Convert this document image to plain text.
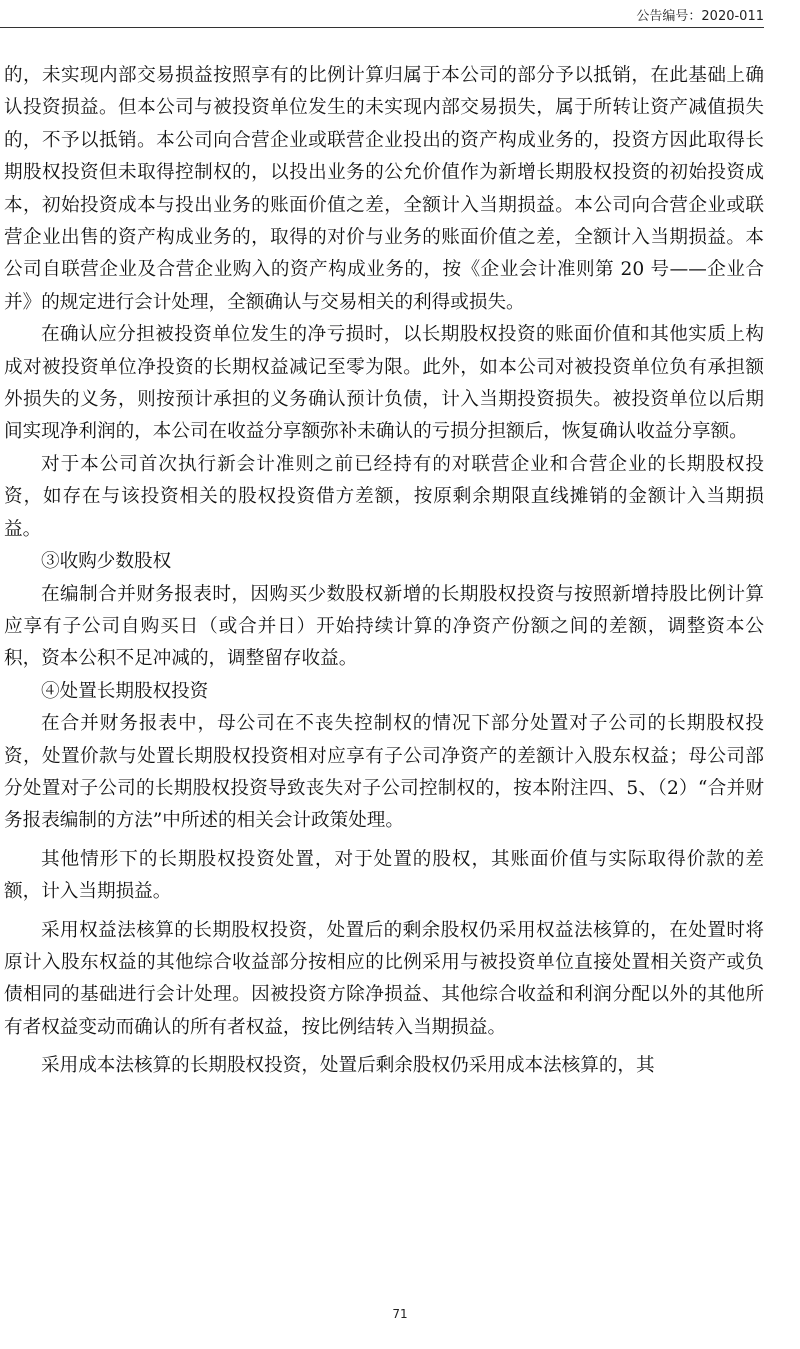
公告编号：2020-011

的，未实现内部交易损益按照享有的比例计算归属于本公司的部分予以抵销，在此基础上确认投资损益。但本公司与被投资单位发生的未实现内部交易损失，属于所转让资产减值损失的，不予以抵销。本公司向合营企业或联营企业投出的资产构成业务的，投资方因此取得长期股权投资但未取得控制权的，以投出业务的公允价值作为新增长期股权投资的初始投资成本，初始投资成本与投出业务的账面价值之差，全额计入当期损益。本公司向合营企业或联营企业出售的资产构成业务的，取得的对价与业务的账面价值之差，全额计入当期损益。本公司自联营企业及合营企业购入的资产构成业务的，按《企业会计准则第 20 号——企业合并》的规定进行会计处理，全额确认与交易相关的利得或损失。

在确认应分担被投资单位发生的净亏损时，以长期股权投资的账面价值和其他实质上构成对被投资单位净投资的长期权益减记至零为限。此外，如本公司对被投资单位负有承担额外损失的义务，则按预计承担的义务确认预计负债，计入当期投资损失。被投资单位以后期间实现净利润的，本公司在收益分享额弥补未确认的亏损分担额后，恢复确认收益分享额。

对于本公司首次执行新会计准则之前已经持有的对联营企业和合营企业的长期股权投资，如存在与该投资相关的股权投资借方差额，按原剩余期限直线摊销的金额计入当期损益。

③收购少数股权

在编制合并财务报表时，因购买少数股权新增的长期股权投资与按照新增持股比例计算应享有子公司自购买日（或合并日）开始持续计算的净资产份额之间的差额，调整资本公积，资本公积不足冲减的，调整留存收益。

④处置长期股权投资

在合并财务报表中，母公司在不丧失控制权的情况下部分处置对子公司的长期股权投资，处置价款与处置长期股权投资相对应享有子公司净资产的差额计入股东权益；母公司部分处置对子公司的长期股权投资导致丧失对子公司控制权的，按本附注四、5、（2）“合并财务报表编制的方法”中所述的相关会计政策处理。

其他情形下的长期股权投资处置，对于处置的股权，其账面价值与实际取得价款的差额，计入当期损益。

采用权益法核算的长期股权投资，处置后的剩余股权仍采用权益法核算的，在处置时将原计入股东权益的其他综合收益部分按相应的比例采用与被投资单位直接处置相关资产或负债相同的基础进行会计处理。因被投资方除净损益、其他综合收益和利润分配以外的其他所有者权益变动而确认的所有者权益，按比例结转入当期损益。

采用成本法核算的长期股权投资，处置后剩余股权仍采用成本法核算的，其

71
